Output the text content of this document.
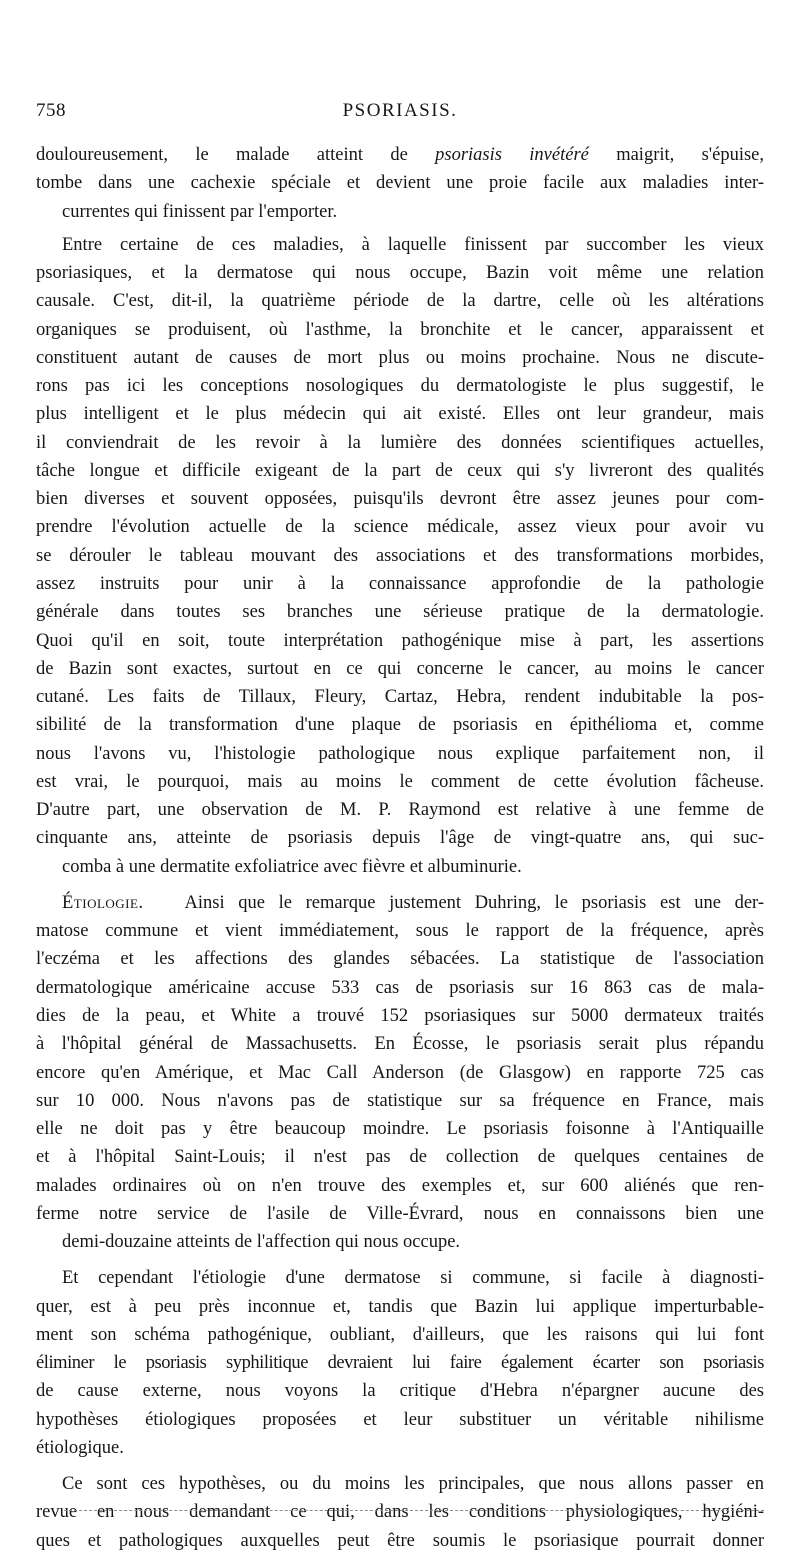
758	PSORIASIS.

douloureusement, le malade atteint de psoriasis invétéré maigrit, s'épuise,
tombe dans une cachexie spéciale et devient une proie facile aux maladies inter-
currentes qui finissent par l'emporter.

Entre certaine de ces maladies, à laquelle finissent par succomber les vieux
psoriasiques, et la dermatose qui nous occupe, Bazin voit même une relation
causale. C'est, dit-il, la quatrième période de la dartre, celle où les altérations
organiques se produisent, où l'asthme, la bronchite et le cancer, apparaissent et
constituent autant de causes de mort plus ou moins prochaine. Nous ne discute-
rons pas ici les conceptions nosologiques du dermatologiste le plus suggestif, le
plus intelligent et le plus médecin qui ait existé. Elles ont leur grandeur, mais
il conviendrait de les revoir à la lumière des données scientifiques actuelles,
tâche longue et difficile exigeant de la part de ceux qui s'y livreront des qualités
bien diverses et souvent opposées, puisqu'ils devront être assez jeunes pour com-
prendre l'évolution actuelle de la science médicale, assez vieux pour avoir vu
se dérouler le tableau mouvant des associations et des transformations morbides,
assez instruits pour unir à la connaissance approfondie de la pathologie
générale dans toutes ses branches une sérieuse pratique de la dermatologie.
Quoi qu'il en soit, toute interprétation pathogénique mise à part, les assertions
de Bazin sont exactes, surtout en ce qui concerne le cancer, au moins le cancer
cutané. Les faits de Tillaux, Fleury, Cartaz, Hebra, rendent indubitable la pos-
sibilité de la transformation d'une plaque de psoriasis en épithélioma et, comme
nous l'avons vu, l'histologie pathologique nous explique parfaitement non, il
est vrai, le pourquoi, mais au moins le comment de cette évolution fâcheuse.
D'autre part, une observation de M. P. Raymond est relative à une femme de
cinquante ans, atteinte de psoriasis depuis l'âge de vingt-quatre ans, qui suc-
comba à une dermatite exfoliatrice avec fièvre et albuminurie.

Étiologie. Ainsi que le remarque justement Duhring, le psoriasis est une der-
matose commune et vient immédiatement, sous le rapport de la fréquence, après
l'eczéma et les affections des glandes sébacées. La statistique de l'association
dermatologique américaine accuse 533 cas de psoriasis sur 16 863 cas de mala-
dies de la peau, et White a trouvé 152 psoriasiques sur 5000 dermateux traités
à l'hôpital général de Massachusetts. En Écosse, le psoriasis serait plus répandu
encore qu'en Amérique, et Mac Call Anderson (de Glasgow) en rapporte 725 cas
sur 10 000. Nous n'avons pas de statistique sur sa fréquence en France, mais
elle ne doit pas y être beaucoup moindre. Le psoriasis foisonne à l'Antiquaille
et à l'hôpital Saint-Louis; il n'est pas de collection de quelques centaines de
malades ordinaires où on n'en trouve des exemples et, sur 600 aliénés que ren-
ferme notre service de l'asile de Ville-Évrard, nous en connaissons bien une
demi-douzaine atteints de l'affection qui nous occupe.

Et cependant l'étiologie d'une dermatose si commune, si facile à diagnosti-
quer, est à peu près inconnue et, tandis que Bazin lui applique imperturbable-
ment son schéma pathogénique, oubliant, d'ailleurs, que les raisons qui lui font
éliminer le psoriasis syphilitique devraient lui faire également écarter son psoriasis
de cause externe, nous voyons la critique d'Hebra n'épargner aucune des
hypothèses étiologiques proposées et leur substituer un véritable nihilisme
étiologique.

Ce sont ces hypothèses, ou du moins les principales, que nous allons passer en
revue en nous demandant ce qui, dans les conditions physiologiques, hygiéni-
ques et pathologiques auxquelles peut être soumis le psoriasique pourrait donner
